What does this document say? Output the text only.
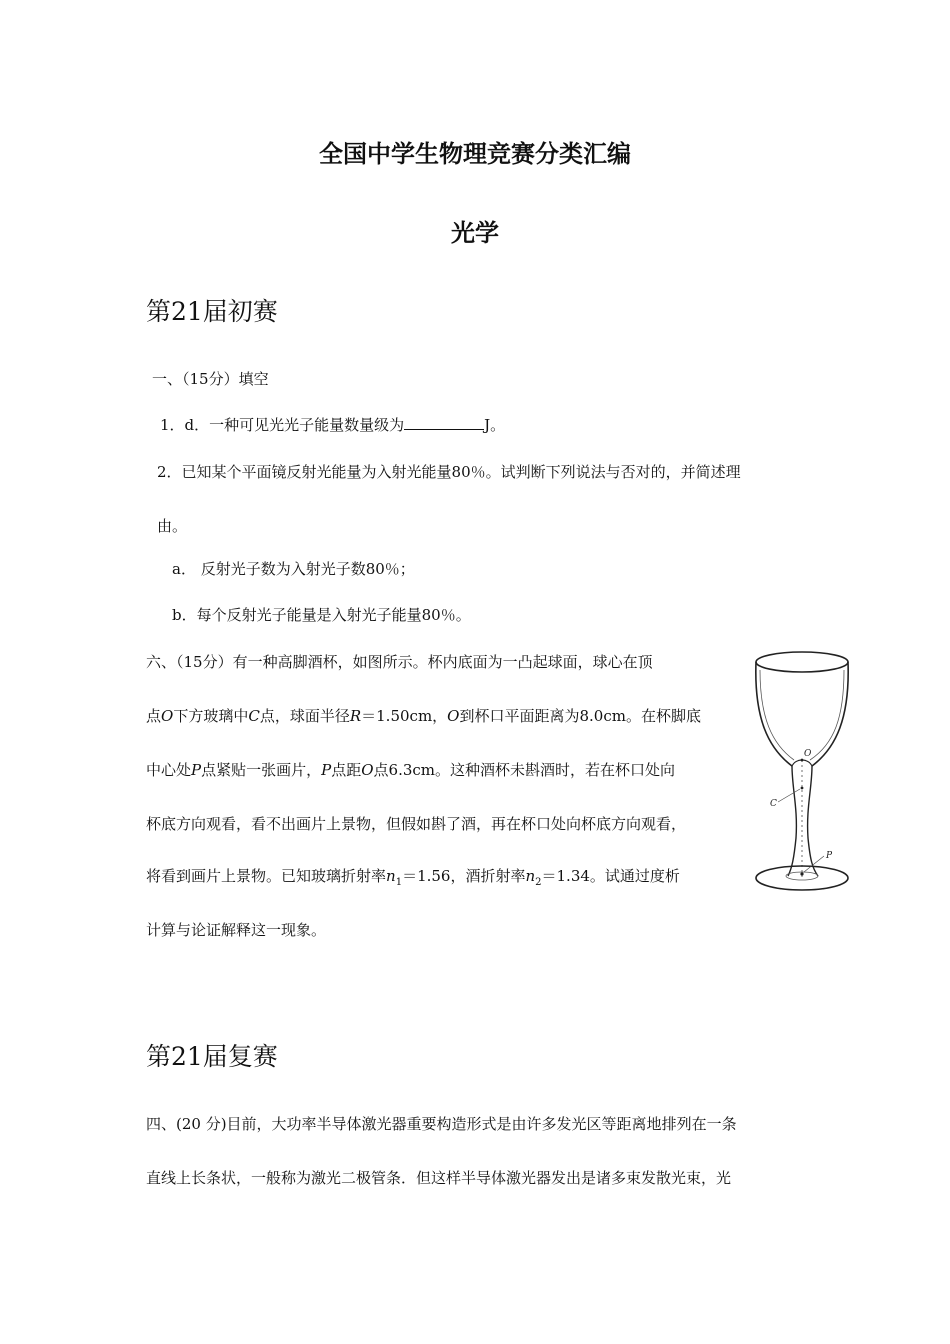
全国中学生物理竞赛分类汇编
光学
第21届初赛
一、（15分）填空
1．d．一种可见光光子能量数量级为	J。
2．已知某个平面镜反射光能量为入射光能量80％。试判断下列说法与否对的，并简述理
由。
a． 反射光子数为入射光子数80％；
b．每个反射光子能量是入射光子能量80％。
六、（15分）有一种高脚酒杯，如图所示。杯内底面为一凸起球面，球心在顶
点O下方玻璃中C点，球面半径R＝1.50cm，O到杯口平面距离为8.0cm。在杯脚底
中心处P点紧贴一张画片，P点距O点6.3cm。这种酒杯未斟酒时，若在杯口处向
杯底方向观看，看不出画片上景物，但假如斟了酒，再在杯口处向杯底方向观看，
将看到画片上景物。已知玻璃折射率$n_1=1.56$，酒折射率$n_2=1.34$。试通过度析
计算与论证解释这一现象。
O
C
P
第21届复赛
四、(20 分)目前，大功率半导体激光器重要构造形式是由许多发光区等距离地排列在一条
直线上长条状，一般称为激光二极管条．但这样半导体激光器发出是诸多束发散光束，光
